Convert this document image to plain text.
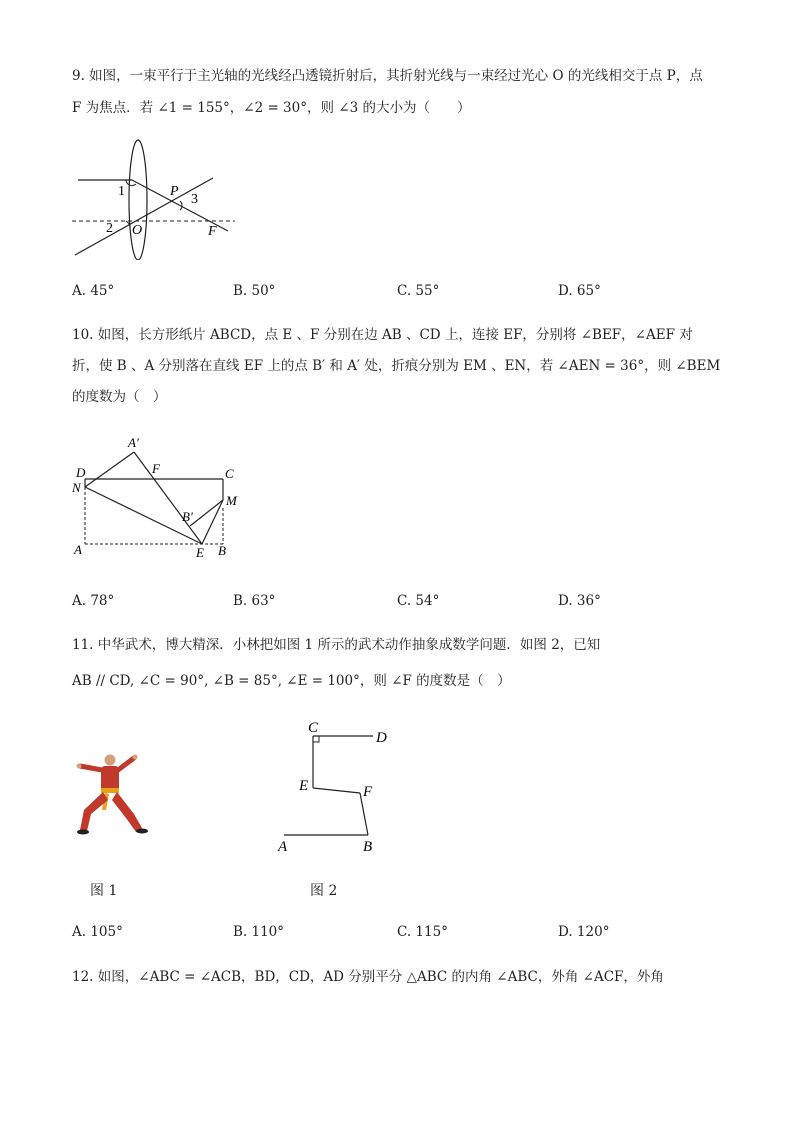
9. 如图，一束平行于主光轴的光线经凸透镜折射后，其折射光线与一束经过光心 O 的光线相交于点 P，点
F 为焦点．若 ∠1 = 155°，∠2 = 30°，则 ∠3 的大小为（　　）
1
2
3
P
O	F
A. 45°	B. 50°	C. 55°	D. 65°
10. 如图，长方形纸片 ABCD，点 E 、F 分别在边 AB 、CD 上，连接 EF，分别将 ∠BEF，∠AEF 对
折，使 B 、A 分别落在直线 EF 上的点 B′ 和 A′ 处，折痕分别为 EM 、EN，若 ∠AEN = 36°，则 ∠BEM
的度数为（　）
A′
D
N
F	C
M
B′
A	E B
A. 78°	B. 63°	C. 54°	D. 36°
11. 中华武术，博大精深．小林把如图 1 所示的武术动作抽象成数学问题．如图 2，已知
AB // CD, ∠C = 90°, ∠B = 85°, ∠E = 100°，则 ∠F 的度数是（　）
图 1
C
D
E	F
A	B
图 2
A. 105°	B. 110°	C. 115°	D. 120°
12. 如图，∠ABC = ∠ACB，BD，CD，AD 分别平分 △ABC 的内角 ∠ABC，外角 ∠ACF，外角
